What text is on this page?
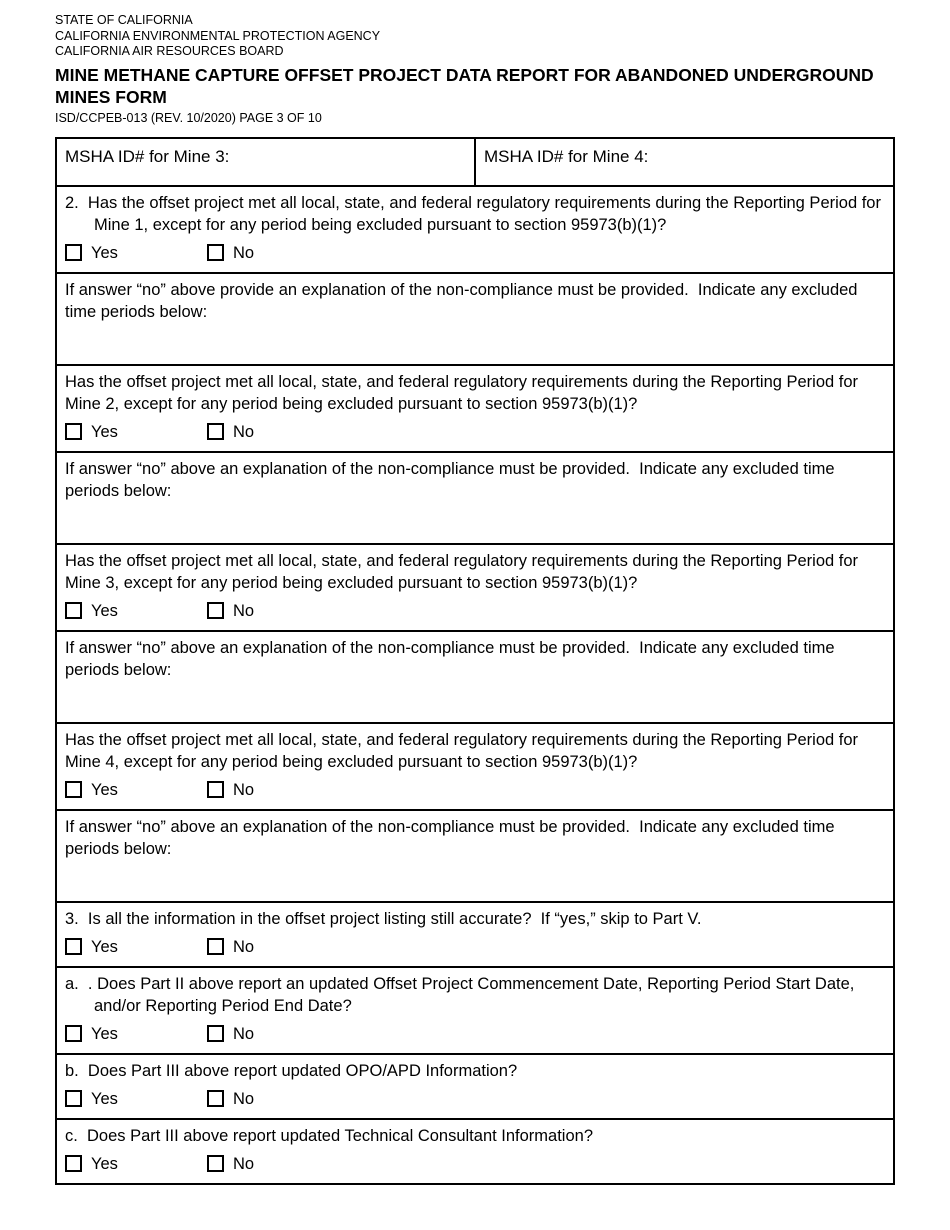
STATE OF CALIFORNIA
CALIFORNIA ENVIRONMENTAL PROTECTION AGENCY
CALIFORNIA AIR RESOURCES BOARD
MINE METHANE CAPTURE OFFSET PROJECT DATA REPORT FOR ABANDONED UNDERGROUND MINES FORM
ISD/CCPEB-013 (REV. 10/2020) PAGE 3 OF 10
MSHA ID# for Mine 3:	MSHA ID# for Mine 4:

2.  Has the offset project met all local, state, and federal regulatory requirements during the Reporting Period for Mine 1, except for any period being excluded pursuant to section 95973(b)(1)?

Yes	No

If answer “no” above provide an explanation of the non-compliance must be provided.  Indicate any excluded time periods below:

Has the offset project met all local, state, and federal regulatory requirements during the Reporting Period for Mine 2, except for any period being excluded pursuant to section 95973(b)(1)?

Yes	No

If answer “no” above an explanation of the non-compliance must be provided.  Indicate any excluded time periods below:

Has the offset project met all local, state, and federal regulatory requirements during the Reporting Period for Mine 3, except for any period being excluded pursuant to section 95973(b)(1)?

Yes	No

If answer “no” above an explanation of the non-compliance must be provided.  Indicate any excluded time periods below:

Has the offset project met all local, state, and federal regulatory requirements during the Reporting Period for Mine 4, except for any period being excluded pursuant to section 95973(b)(1)?

Yes	No

If answer “no” above an explanation of the non-compliance must be provided.  Indicate any excluded time periods below:

3.  Is all the information in the offset project listing still accurate?  If “yes,” skip to Part V.

Yes	No

a.  . Does Part II above report an updated Offset Project Commencement Date, Reporting Period Start Date, and/or Reporting Period End Date?

Yes	No

b.  Does Part III above report updated OPO/APD Information?

Yes	No

c.  Does Part III above report updated Technical Consultant Information?

Yes	No
